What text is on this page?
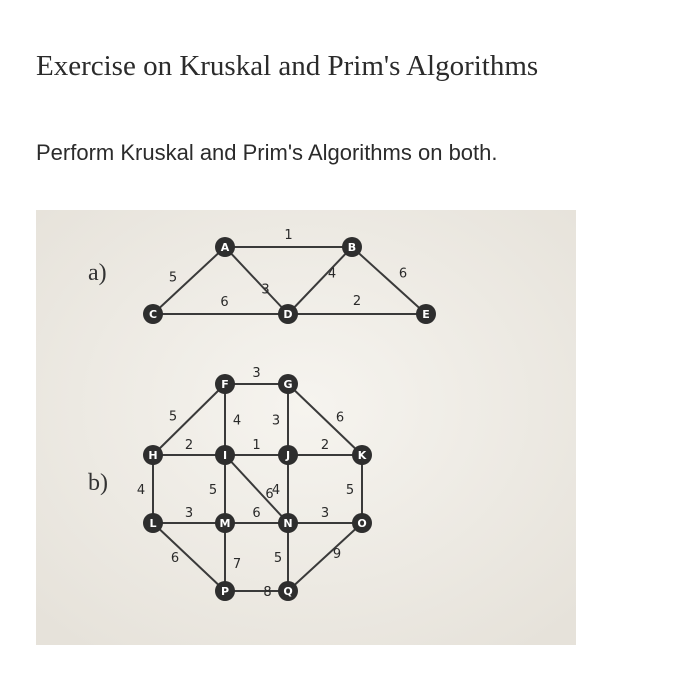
Exercise on Kruskal and Prim's Algorithms

Perform Kruskal and Prim's Algorithms on both.

a)
b)
1
5
3
6
4
2
6
3
5	4 3	6
2	1	2
4	5	4	5
3	6	3
6
6	7	5	9
8
A	B
C	D	E
F	G
H	I	J	K
L	M	N	O
P	Q
